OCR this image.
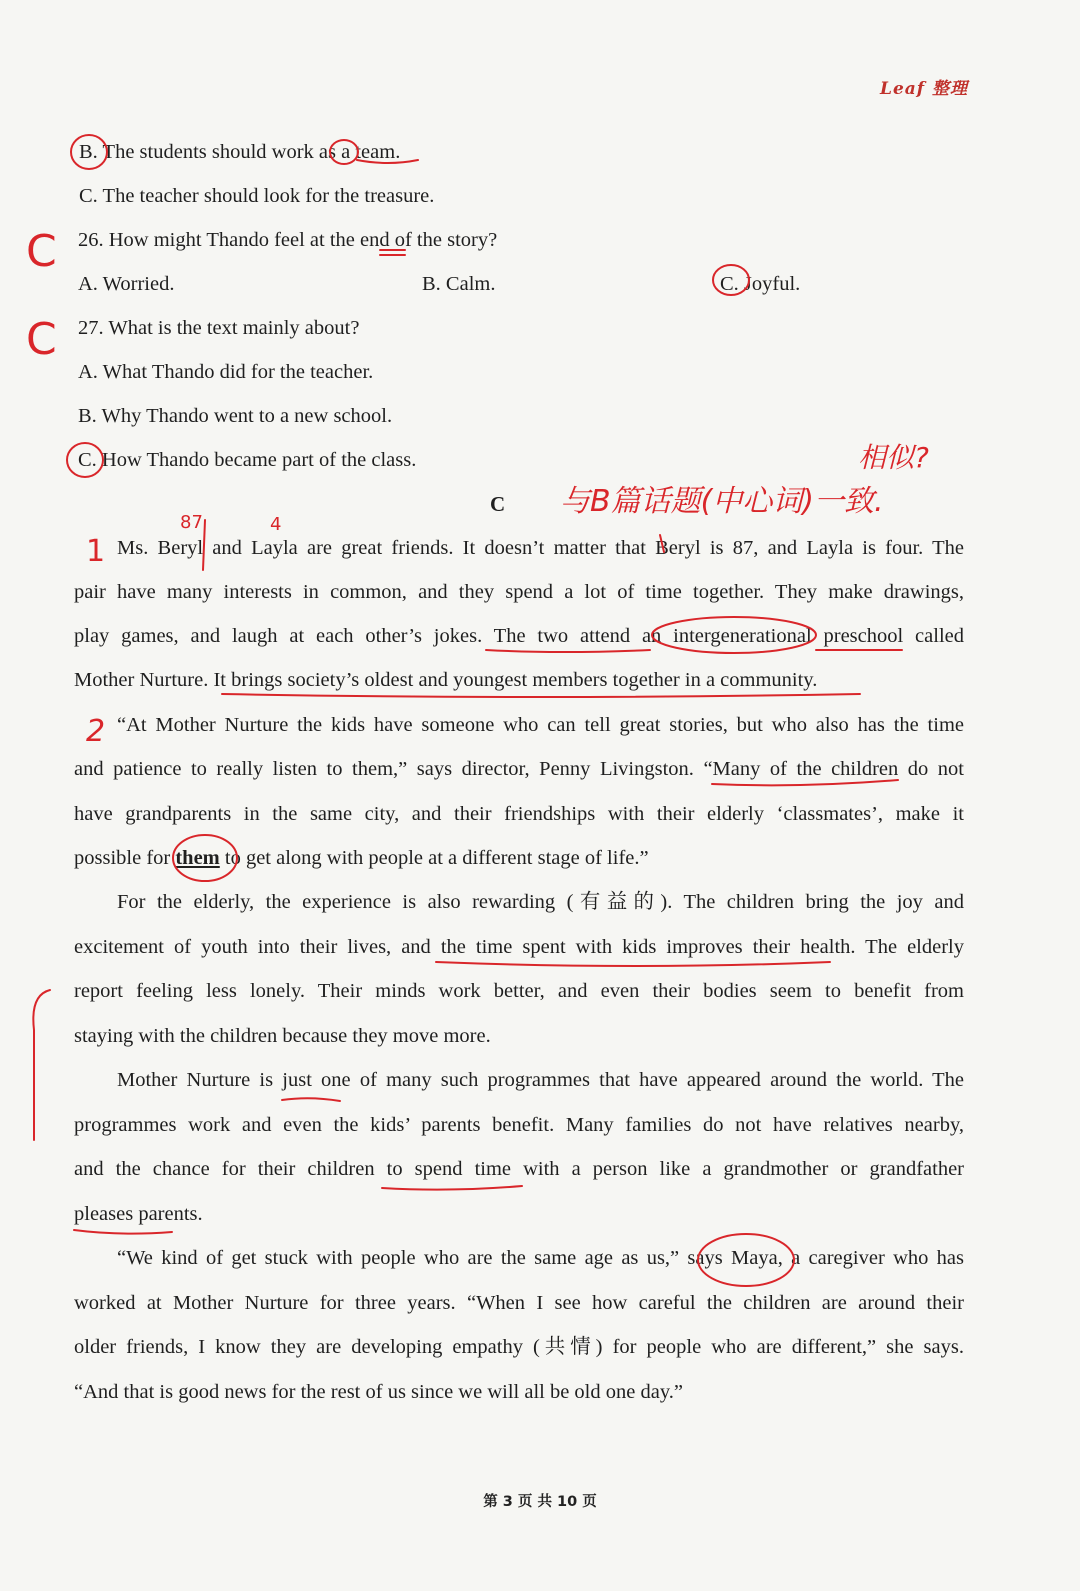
Leaf 整理
B. The students should work as a team.
C. The teacher should look for the treasure.
26. How might Thando feel at the end of the story?
A. Worried.	B. Calm.	C. Joyful.
27. What is the text mainly about?
A. What Thando did for the teacher.
B. Why Thando went to a new school.
C. How Thando became part of the class.
C
Ms. Beryl and Layla are great friends. It doesn’t matter that Beryl is 87, and Layla is four. The
pair have many interests in common, and they spend a lot of time together. They make drawings,
play games, and laugh at each other’s jokes. The two attend an intergenerational preschool called
Mother Nurture. It brings society’s oldest and youngest members together in a community.
“At Mother Nurture the kids have someone who can tell great stories, but who also has the time
and patience to really listen to them,” says director, Penny Livingston. “Many of the children do not
have grandparents in the same city, and their friendships with their elderly ‘classmates’, make it
possible for them to get along with people at a different stage of life.”
For the elderly, the experience is also rewarding (有益的). The children bring the joy and
excitement of youth into their lives, and the time spent with kids improves their health. The elderly
report feeling less lonely. Their minds work better, and even their bodies seem to benefit from
staying with the children because they move more.
Mother Nurture is just one of many such programmes that have appeared around the world. The
programmes work and even the kids’ parents benefit. Many families do not have relatives nearby,
and the chance for their children to spend time with a person like a grandmother or grandfather
pleases parents.
“We kind of get stuck with people who are the same age as us,” says Maya, a caregiver who has
worked at Mother Nurture for three years. “When I see how careful the children are around their
older friends, I know they are developing empathy (共情) for people who are different,” she says.
“And that is good news for the rest of us since we will all be old one day.”
C
C
相似?
与B篇话题(中心词)一致.
87	4
1
2
第 3 页 共 10 页
